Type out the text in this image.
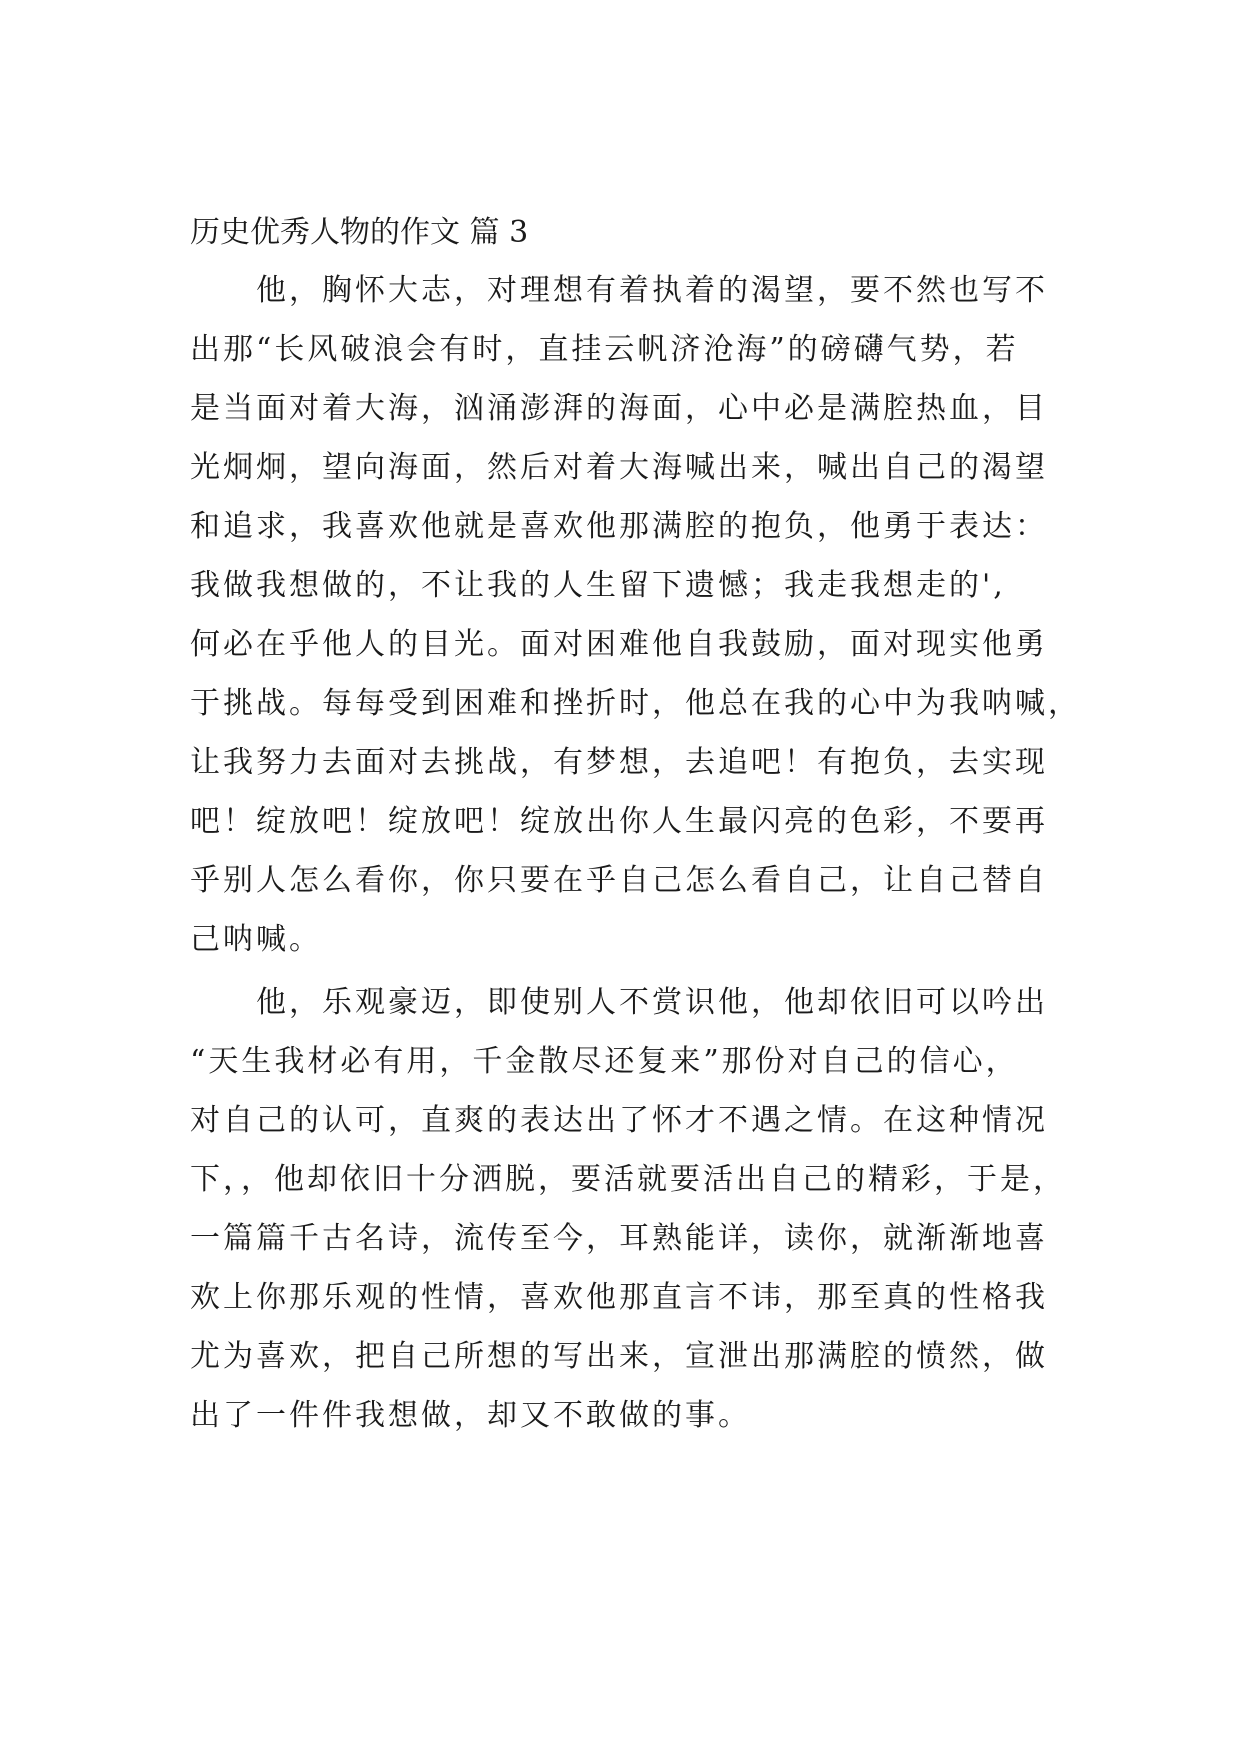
历史优秀人物的作文 篇 3
　　他，胸怀大志，对理想有着执着的渴望，要不然也写不
出那“长风破浪会有时，直挂云帆济沧海”的磅礴气势，若
是当面对着大海，汹涌澎湃的海面，心中必是满腔热血，目
光炯炯，望向海面，然后对着大海喊出来，喊出自己的渴望
和追求，我喜欢他就是喜欢他那满腔的抱负，他勇于表达：
我做我想做的，不让我的人生留下遗憾；我走我想走的',
何必在乎他人的目光。面对困难他自我鼓励，面对现实他勇
于挑战。每每受到困难和挫折时，他总在我的心中为我呐喊，
让我努力去面对去挑战，有梦想，去追吧！有抱负，去实现
吧！绽放吧！绽放吧！绽放出你人生最闪亮的色彩，不要再
乎别人怎么看你，你只要在乎自己怎么看自己，让自己替自
己呐喊。
　　他，乐观豪迈，即使别人不赏识他，他却依旧可以吟出
“天生我材必有用，千金散尽还复来”那份对自己的信心，
对自己的认可，直爽的表达出了怀才不遇之情。在这种情况
下，，他却依旧十分洒脱，要活就要活出自己的精彩，于是，
一篇篇千古名诗，流传至今，耳熟能详，读你，就渐渐地喜
欢上你那乐观的性情，喜欢他那直言不讳，那至真的性格我
尤为喜欢，把自己所想的写出来，宣泄出那满腔的愤然，做
出了一件件我想做，却又不敢做的事。
